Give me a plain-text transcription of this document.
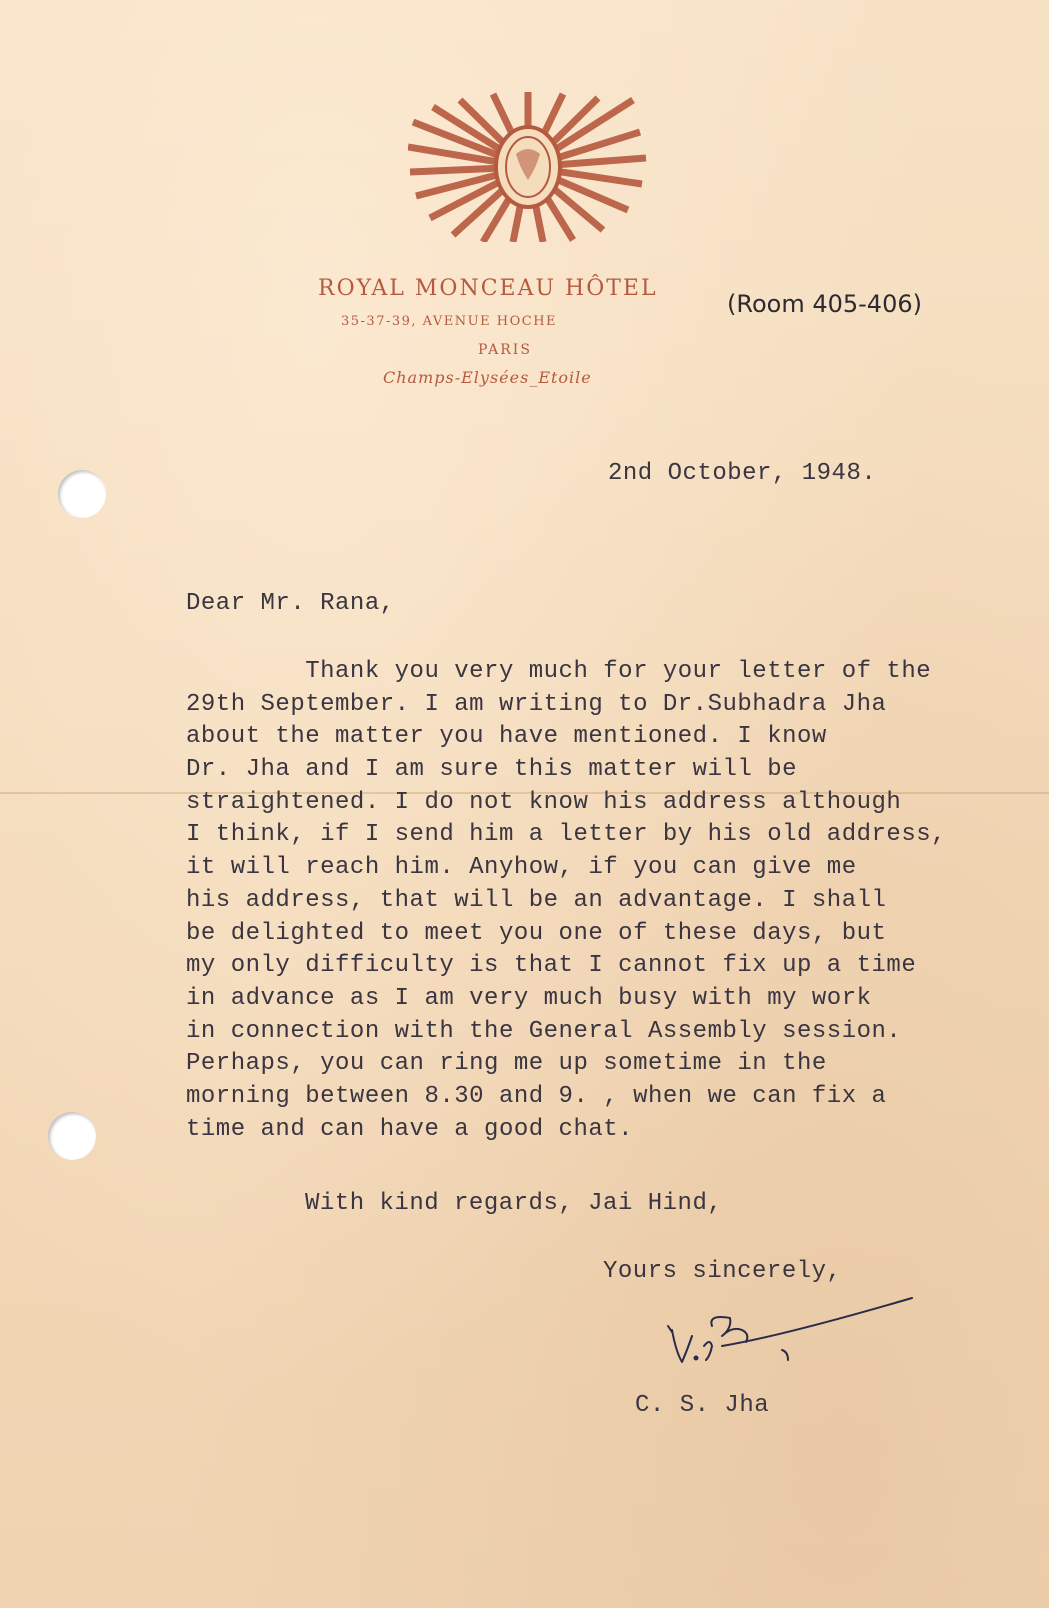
ROYAL MONCEAU HÔTEL
35-37-39, AVENUE HOCHE
PARIS
Champs-Elysées_Etoile
(Room 405-406)
2nd October, 1948.
Dear Mr. Rana,
Thank you very much for your letter of the
29th September. I am writing to Dr.Subhadra Jha
about the matter you have mentioned. I know
Dr. Jha and I am sure this matter will be
straightened. I do not know his address although
I think, if I send him a letter by his old address,
it will reach him. Anyhow, if you can give me
his address, that will be an advantage. I shall
be delighted to meet you one of these days, but
my only difficulty is that I cannot fix up a time
in advance as I am very much busy with my work
in connection with the General Assembly session.
Perhaps, you can ring me up sometime in the
morning between 8.30 and 9. , when we can fix a
time and can have a good chat.
With kind regards, Jai Hind,
Yours sincerely,
C. S. Jha
